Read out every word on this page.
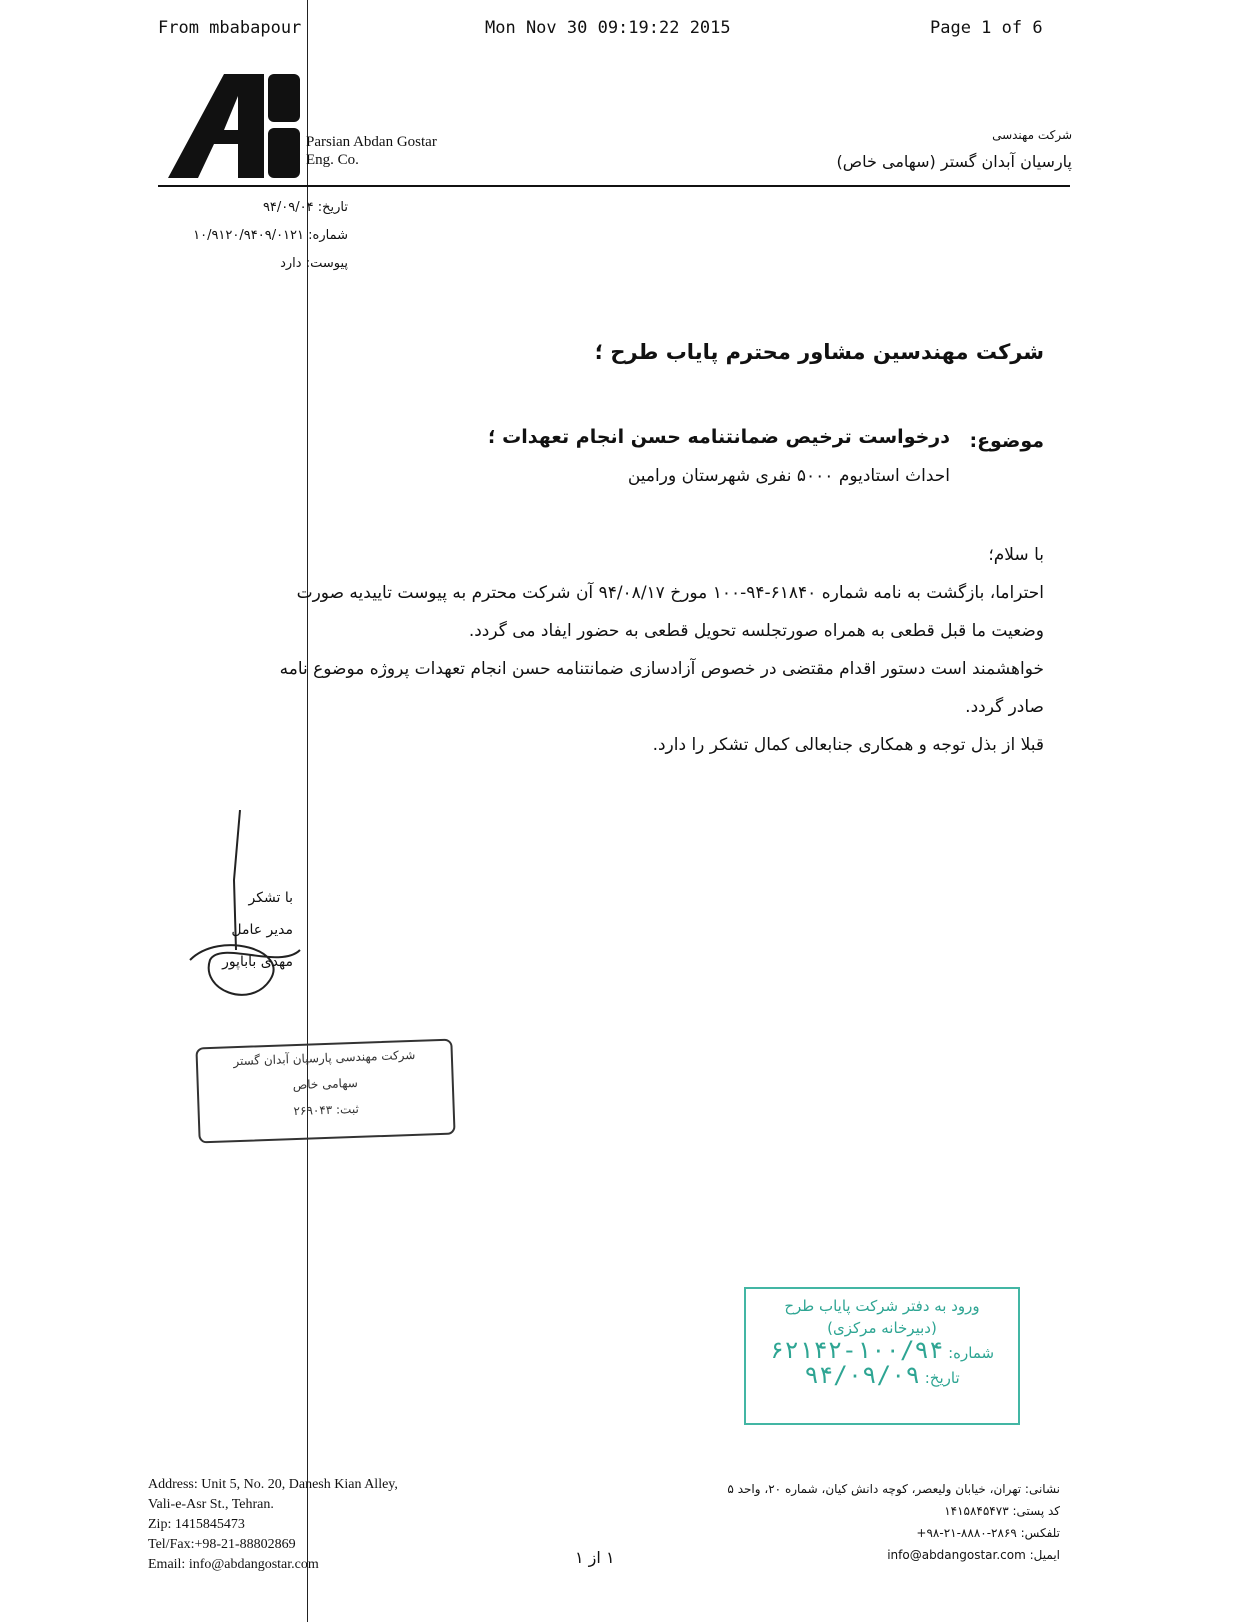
From mbabapour	Mon Nov 30 09:19:22 2015	Page 1 of 6
Parsian Abdan Gostar
Eng. Co.
شرکت مهندسی
پارسیان آبدان گستر (سهامی خاص)
تاریخ: ۹۴/۰۹/۰۴
شماره: ۱۰/۹۱۲۰/۹۴۰۹/۰۱۲۱
پیوست: دارد
شرکت مهندسین مشاور محترم پایاب طرح ؛
موضوع:
درخواست ترخیص ضمانتنامه حسن انجام تعهدات ؛
احداث استادیوم ۵۰۰۰ نفری شهرستان ورامین
با سلام؛
احتراما، بازگشت به نامه شماره ۶۱۸۴۰-۹۴-۱۰۰ مورخ ۹۴/۰۸/۱۷ آن شرکت محترم به پیوست تاییدیه صورت
وضعیت ما قبل قطعی به همراه صورتجلسه تحویل قطعی به حضور ایفاد می گردد.
خواهشمند است دستور اقدام مقتضی در خصوص آزادسازی ضمانتنامه حسن انجام تعهدات پروژه موضوع نامه
صادر گردد.
قبلا از بذل توجه و همکاری جنابعالی کمال تشکر را دارد.
با تشکر
مدیر عامل
مهدی بابا‌پور
شرکت مهندسی پارسیان آبدان گستر
سهامی خاص
ثبت: ۲۶۹۰۴۳
ورود به دفتر شرکت پایاب طرح
(دبیرخانه مرکزی)
شماره: ۱۰۰/۹۴-۶۲۱۴۲
تاریخ: ۹۴/۰۹/۰۹
Address: Unit 5, No. 20, Danesh Kian Alley,
Vali-e-Asr St., Tehran.
Zip: 1415845473
Tel/Fax:+98-21-88802869
Email: info@abdangostar.com	۱ از ۱
نشانی: تهران، خیابان ولیعصر، کوچه دانش کیان، شماره ۲۰، واحد ۵
کد پستی: ۱۴۱۵۸۴۵۴۷۳
تلفکس: ۲۸۶۹-۸۸۸۰-۲۱-۹۸+
ایمیل: info@abdangostar.com
